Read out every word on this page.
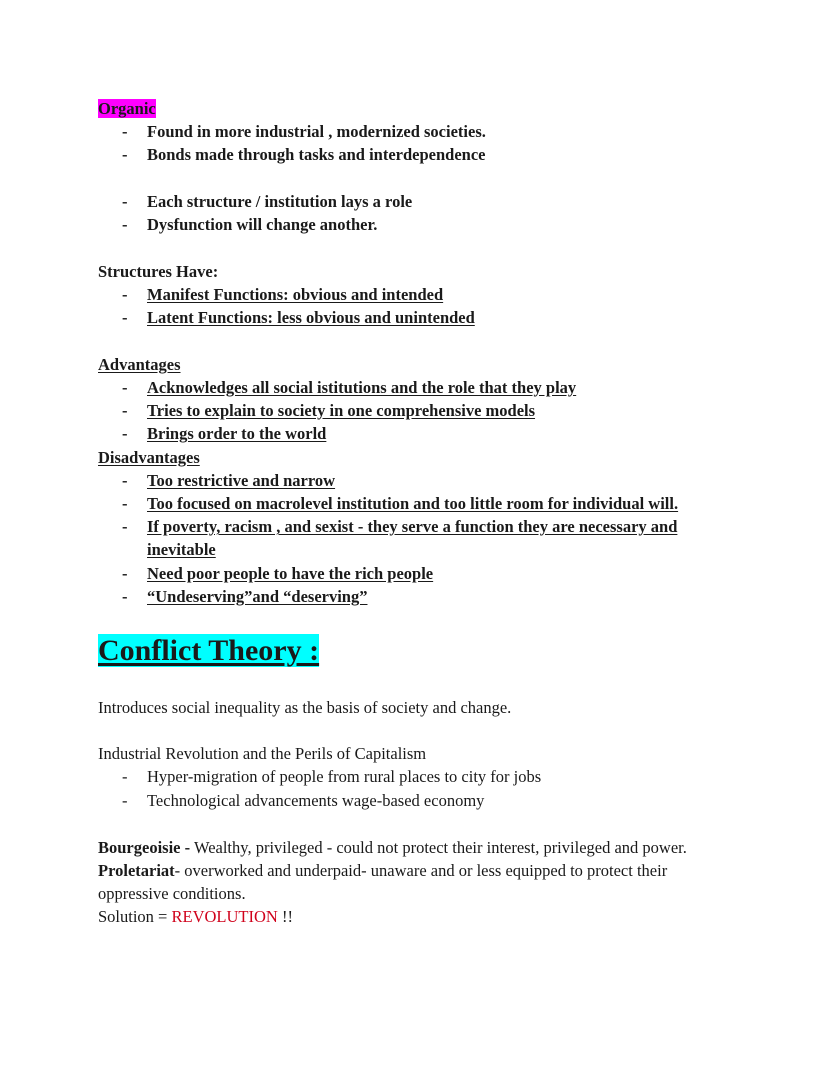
Organic
- Found in more industrial , modernized societies.
- Bonds made through tasks and interdependence
- Each structure / institution lays a role
- Dysfunction will change another.
Structures Have:
- Manifest Functions: obvious and intended
- Latent Functions: less obvious and unintended
Advantages
- Acknowledges all social istitutions and the role that they play
- Tries to explain to society in one comprehensive models
- Brings order to the world
Disadvantages
- Too restrictive and narrow
- Too focused on macrolevel institution and too little room for individual will.
- If poverty, racism , and sexist - they serve a function they are necessary and
inevitable
- Need poor people to have the rich people
- “Undeserving”and “deserving”
Conflict Theory :
Introduces social inequality as the basis of society and change.
Industrial Revolution and the Perils of Capitalism
- Hyper-migration of people from rural places to city for jobs
- Technological advancements wage-based economy
Bourgeoisie - Wealthy, privileged - could not protect their interest, privileged and power.
Proletariat- overworked and underpaid- unaware and or less equipped to protect their
oppressive conditions.
Solution = REVOLUTION !!
